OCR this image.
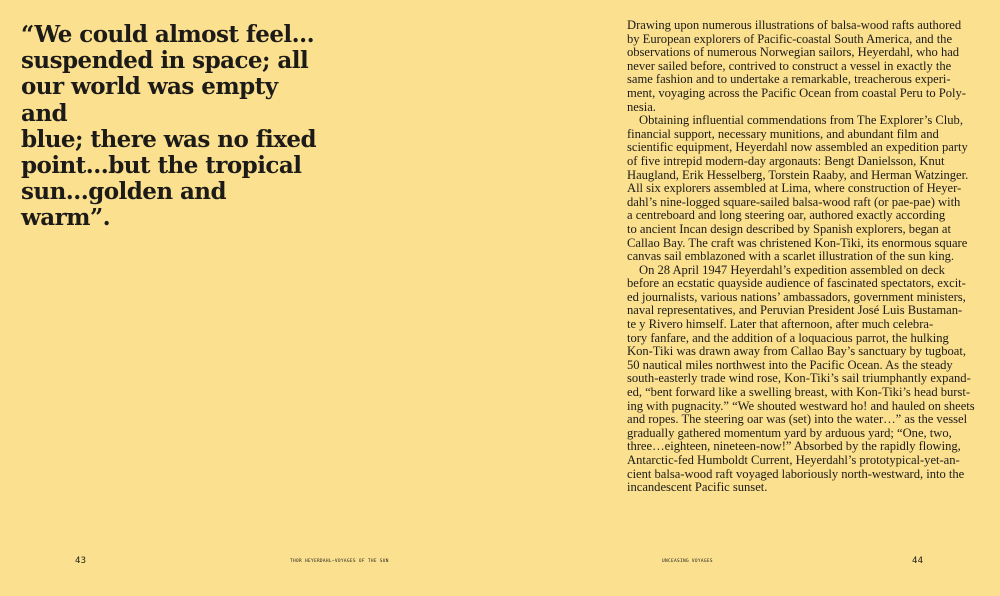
“We could almost feel…
suspended in space; all
our world was empty and
blue; there was no fixed
point…but the tropical
sun…golden and warm”.
43	THOR HEYERDAHL—VOYAGES OF THE SUN

Drawing upon numerous illustrations of balsa-wood rafts authored
by European explorers of Pacific-coastal South America, and the
observations of numerous Norwegian sailors, Heyerdahl, who had
never sailed before, contrived to construct a vessel in exactly the
same fashion and to undertake a remarkable, treacherous experi-
ment, voyaging across the Pacific Ocean from coastal Peru to Poly-
nesia.

Obtaining influential commendations from The Explorer’s Club,
financial support, necessary munitions, and abundant film and
scientific equipment, Heyerdahl now assembled an expedition party
of five intrepid modern-day argonauts: Bengt Danielsson, Knut
Haugland, Erik Hesselberg, Torstein Raaby, and Herman Watzinger.
All six explorers assembled at Lima, where construction of Heyer-
dahl’s nine-logged square-sailed balsa-wood raft (or pae-pae) with
a centreboard and long steering oar, authored exactly according
to ancient Incan design described by Spanish explorers, began at
Callao Bay. The craft was christened Kon-Tiki, its enormous square
canvas sail emblazoned with a scarlet illustration of the sun king.

On 28 April 1947 Heyerdahl’s expedition assembled on deck
before an ecstatic quayside audience of fascinated spectators, excit-
ed journalists, various nations’ ambassadors, government ministers,
naval representatives, and Peruvian President José Luis Bustaman-
te y Rivero himself. Later that afternoon, after much celebra-
tory fanfare, and the addition of a loquacious parrot, the hulking
Kon-Tiki was drawn away from Callao Bay’s sanctuary by tugboat,
50 nautical miles northwest into the Pacific Ocean. As the steady
south-easterly trade wind rose, Kon-Tiki’s sail triumphantly expand-
ed, “bent forward like a swelling breast, with Kon-Tiki’s head burst-
ing with pugnacity.” “We shouted westward ho! and hauled on sheets
and ropes. The steering oar was (set) into the water…” as the vessel
gradually gathered momentum yard by arduous yard; “One, two,
three…eighteen, nineteen-now!” Absorbed by the rapidly flowing,
Antarctic-fed Humboldt Current, Heyerdahl’s prototypical-yet-an-
cient balsa-wood raft voyaged laboriously north-westward, into the
incandescent Pacific sunset.

UNCEASING VOYAGES	44
